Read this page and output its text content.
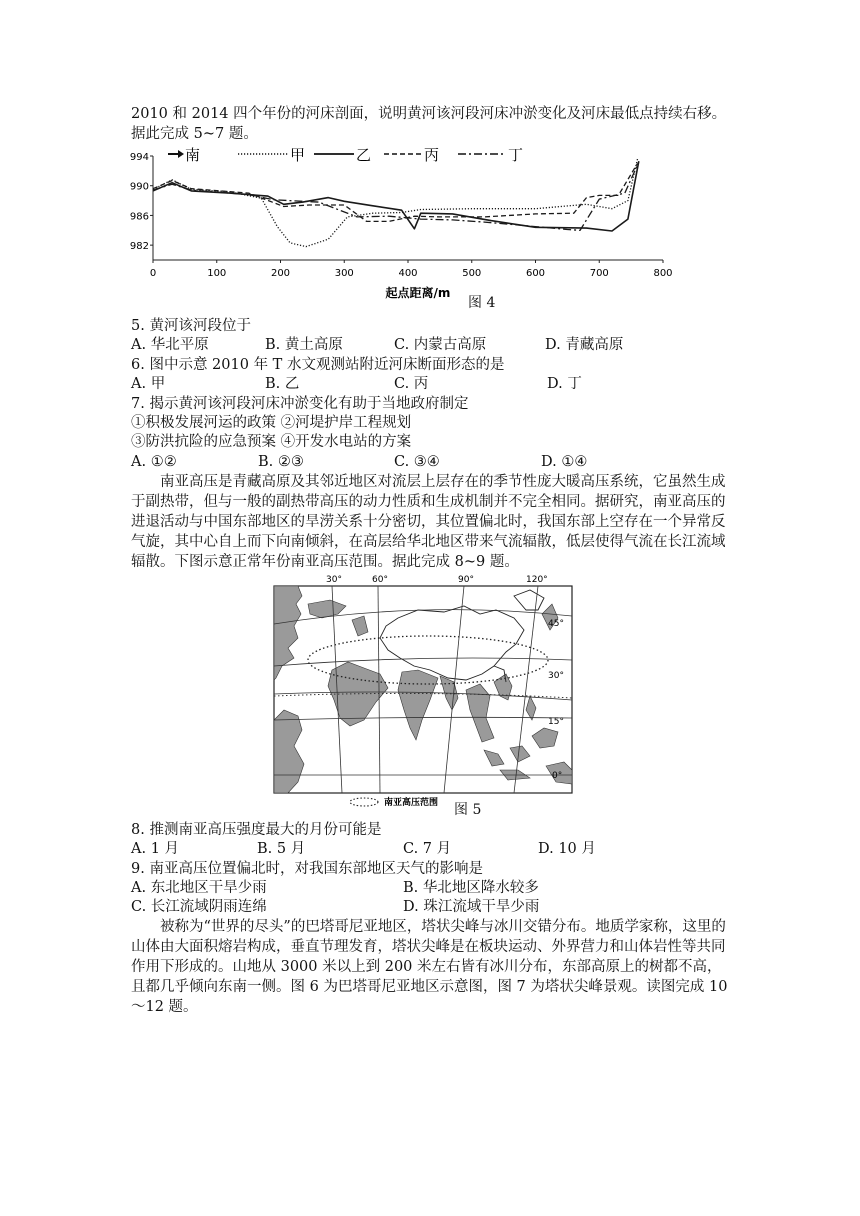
2010 和 2014 四个年份的河床剖面，说明黄河该河段河床冲淤变化及河床最低点持续右移。
据此完成 5~7 题。
0	100	200	300	400	500	600	700	800
994
990
986
982
南	甲	乙	丙	丁
起点距离/m
图 4
5. 黄河该河段位于
A. 华北平原	B. 黄土高原	C. 内蒙古高原	D. 青藏高原
6. 图中示意 2010 年 T 水文观测站附近河床断面形态的是
A. 甲	B. 乙	C. 丙	D. 丁
7. 揭示黄河该河段河床冲淤变化有助于当地政府制定
①积极发展河运的政策 ②河堤护岸工程规划
③防洪抗险的应急预案 ④开发水电站的方案
A. ①②	B. ②③	C. ③④	D. ①④
南亚高压是青藏高原及其邻近地区对流层上层存在的季节性庞大暖高压系统，它虽然生成于副热带，但与一般的副热带高压的动力性质和生成机制并不完全相同。据研究，南亚高压的进退活动与中国东部地区的旱涝关系十分密切，其位置偏北时，我国东部上空存在一个异常反气旋，其中心自上而下向南倾斜，在高层给华北地区带来气流辐散，低层使得气流在长江流域辐散。下图示意正常年份南亚高压范围。据此完成 8~9 题。
30°	60°	90°	120°
45°
30°
15°
0°
南亚高压范围 图 5
8. 推测南亚高压强度最大的月份可能是
A. 1 月	B. 5 月	C. 7 月	D. 10 月
9. 南亚高压位置偏北时，对我国东部地区天气的影响是
A. 东北地区干旱少雨	B. 华北地区降水较多
C. 长江流域阴雨连绵	D. 珠江流域干旱少雨
被称为“世界的尽头”的巴塔哥尼亚地区，塔状尖峰与冰川交错分布。地质学家称，这里的山体由大面积熔岩构成，垂直节理发育，塔状尖峰是在板块运动、外界营力和山体岩性等共同作用下形成的。山地从 3000 米以上到 200 米左右皆有冰川分布，东部高原上的树都不高，且都几乎倾向东南一侧。图 6 为巴塔哥尼亚地区示意图，图 7 为塔状尖峰景观。读图完成 10～12 题。
